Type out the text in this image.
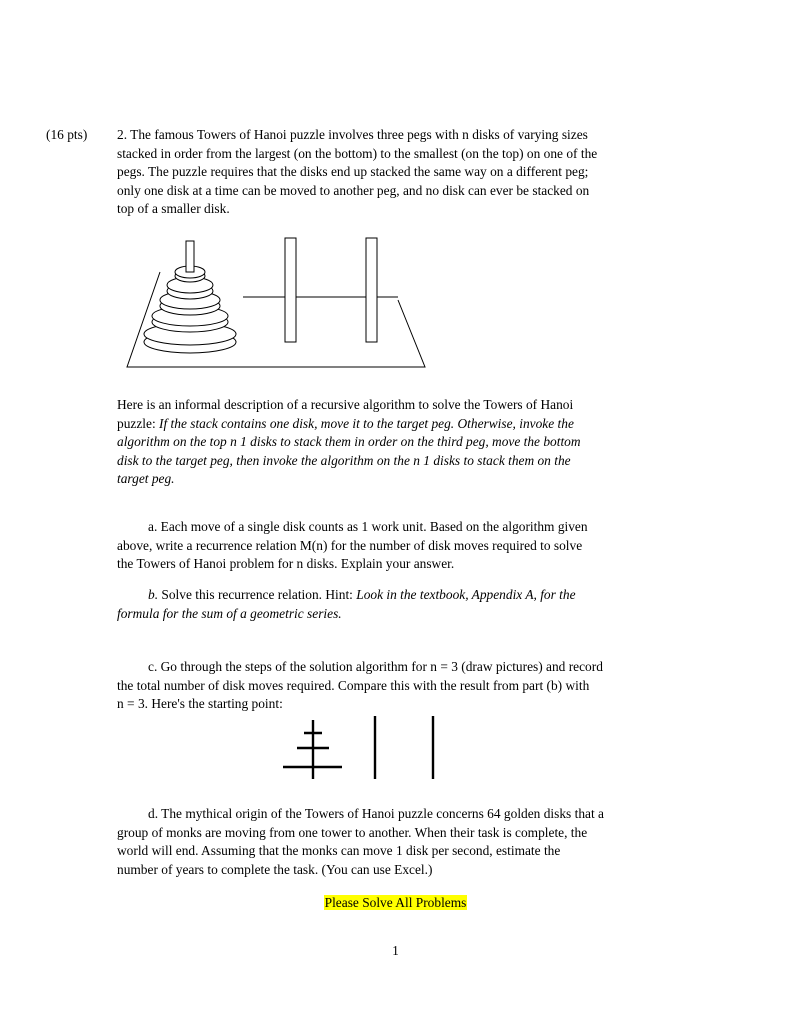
(16 pts) 2. The famous Towers of Hanoi puzzle involves three pegs with n disks of varying sizes
stacked in order from the largest (on the bottom) to the smallest (on the top) on one of the
pegs. The puzzle requires that the disks end up stacked the same way on a different peg;
only one disk at a time can be moved to another peg, and no disk can ever be stacked on
top of a smaller disk.
Here is an informal description of a recursive algorithm to solve the Towers of Hanoi
puzzle: If the stack contains one disk, move it to the target peg. Otherwise, invoke the
algorithm on the top n 1 disks to stack them in order on the third peg, move the bottom
disk to the target peg, then invoke the algorithm on the n 1 disks to stack them on the
target peg.
a. Each move of a single disk counts as 1 work unit. Based on the algorithm given
above, write a recurrence relation M(n) for the number of disk moves required to solve
the Towers of Hanoi problem for n disks. Explain your answer.
b. Solve this recurrence relation. Hint: Look in the textbook, Appendix A, for the
formula for the sum of a geometric series.
c. Go through the steps of the solution algorithm for n = 3 (draw pictures) and record
the total number of disk moves required. Compare this with the result from part (b) with
n = 3. Here's the starting point:
d. The mythical origin of the Towers of Hanoi puzzle concerns 64 golden disks that a
group of monks are moving from one tower to another. When their task is complete, the
world will end. Assuming that the monks can move 1 disk per second, estimate the
number of years to complete the task. (You can use Excel.)
Please Solve All Problems
1
